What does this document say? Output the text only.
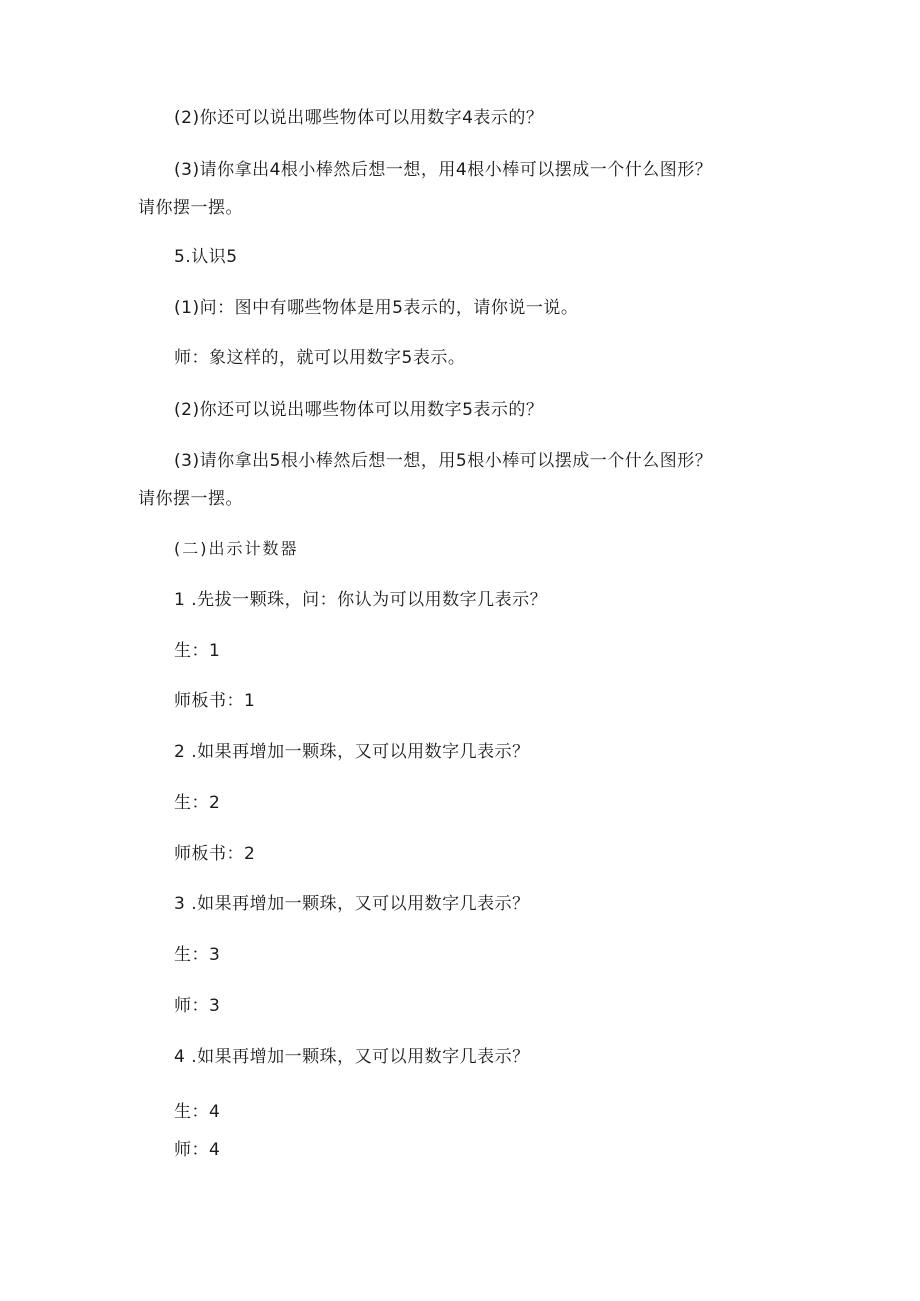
(2)你还可以说出哪些物体可以用数字4表示的？
(3)请你拿出4根小棒然后想一想，用4根小棒可以摆成一个什么图形？
请你摆一摆。
5.认识5
(1)问：图中有哪些物体是用5表示的，请你说一说。
师：象这样的，就可以用数字5表示。
(2)你还可以说出哪些物体可以用数字5表示的？
(3)请你拿出5根小棒然后想一想，用5根小棒可以摆成一个什么图形？
请你摆一摆。
(二)出示计数器
1 .先拔一颗珠，问：你认为可以用数字几表示？
生：1
师板书：1
2 .如果再增加一颗珠，又可以用数字几表示？
生：2
师板书：2
3 .如果再增加一颗珠，又可以用数字几表示？
生：3
师：3
4 .如果再增加一颗珠，又可以用数字几表示？
生：4
师：4
